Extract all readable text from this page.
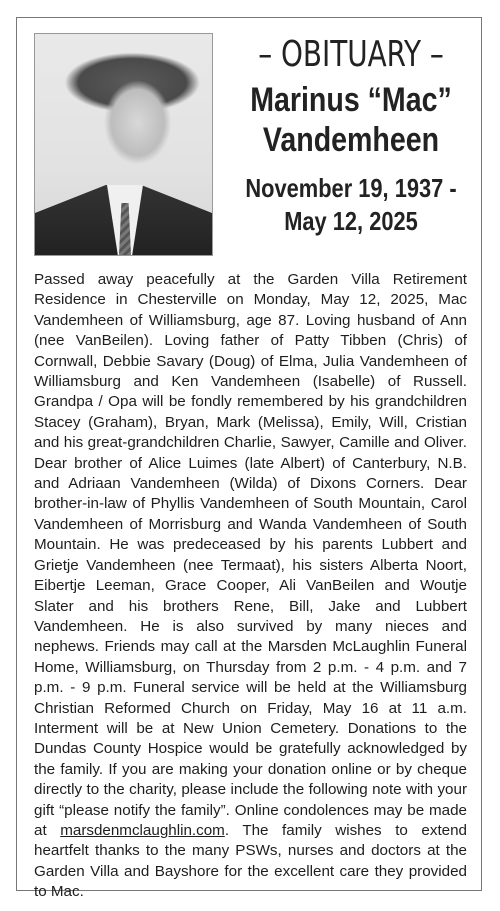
– OBITUARY –
Marinus “Mac”
Vandemheen
November 19, 1937 -
May 12, 2025
Passed away peacefully at the Garden Villa Retirement Residence in Chesterville on Monday, May 12, 2025, Mac Vandemheen of Williamsburg, age 87. Loving husband of Ann (nee VanBeilen). Loving father of Patty Tibben (Chris) of Cornwall, Debbie Savary (Doug) of Elma, Julia Vandemheen of Williamsburg and Ken Vandemheen (Isabelle) of Russell. Grandpa / Opa will be fondly remembered by his grandchildren Stacey (Graham), Bryan, Mark (Melissa), Emily, Will, Cristian and his great-grandchildren Charlie, Sawyer, Camille and Oliver. Dear brother of Alice Luimes (late Albert) of Canterbury, N.B. and Adriaan Vandemheen (Wilda) of Dixons Corners. Dear brother-in-law of Phyllis Vandemheen of South Mountain, Carol Vandemheen of Morrisburg and Wanda Vandemheen of South Mountain. He was predeceased by his parents Lubbert and Grietje Vandemheen (nee Termaat), his sisters Alberta Noort, Eibertje Leeman, Grace Cooper, Ali VanBeilen and Woutje Slater and his brothers Rene, Bill, Jake and Lubbert Vandemheen. He is also survived by many nieces and nephews. Friends may call at the Marsden McLaughlin Funeral Home, Williamsburg, on Thursday from 2 p.m. - 4 p.m. and 7 p.m. - 9 p.m. Funeral service will be held at the Williamsburg Christian Reformed Church on Friday, May 16 at 11 a.m. Interment will be at New Union Cemetery. Donations to the Dundas County Hospice would be gratefully acknowledged by the family. If you are making your donation online or by cheque directly to the charity, please include the following note with your gift “please notify the family”. Online condolences may be made at marsdenmclaughlin.com. The family wishes to extend heartfelt thanks to the many PSWs, nurses and doctors at the Garden Villa and Bayshore for the excellent care they provided to Mac.
